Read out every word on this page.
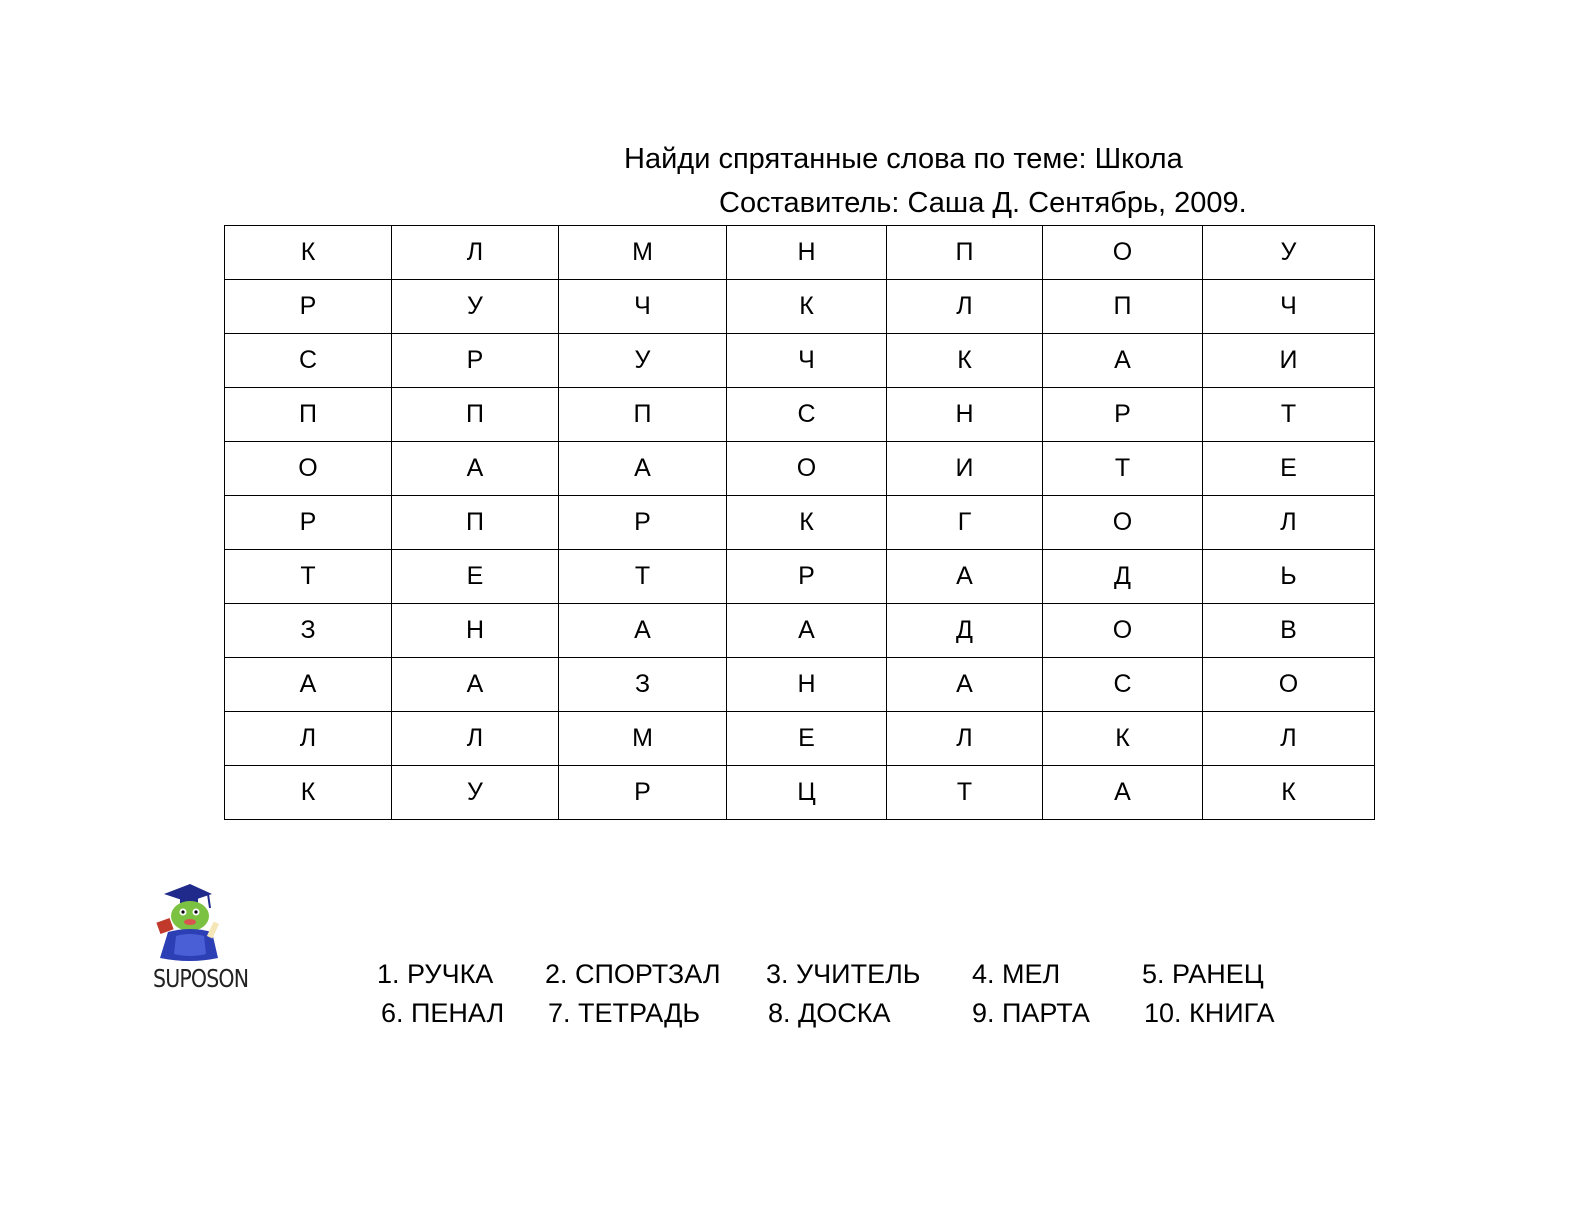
Найди спрятанные слова по теме: Школа
Составитель: Саша Д. Сентябрь, 2009.
К	Л	М	Н	П	О	У
Р	У	Ч	К	Л	П	Ч
С	Р	У	Ч	К	А	И
П	П	П	С	Н	Р	Т
О	А	А	О	И	Т	Е
Р	П	Р	К	Г	О	Л
Т	Е	Т	Р	А	Д	Ь
З	Н	А	А	Д	О	В
А	А	З	Н	А	С	О
Л	Л	М	Е	Л	К	Л
К	У	Р	Ц	Т	А	К
SUPOSON	1. РУЧКА 2. СПОРТЗАЛ 3. УЧИТЕЛЬ 4. МЕЛ	5. РАНЕЦ
6. ПЕНАЛ 7. ТЕТРАДЬ	8. ДОСКА	9. ПАРТА 10. КНИГА
